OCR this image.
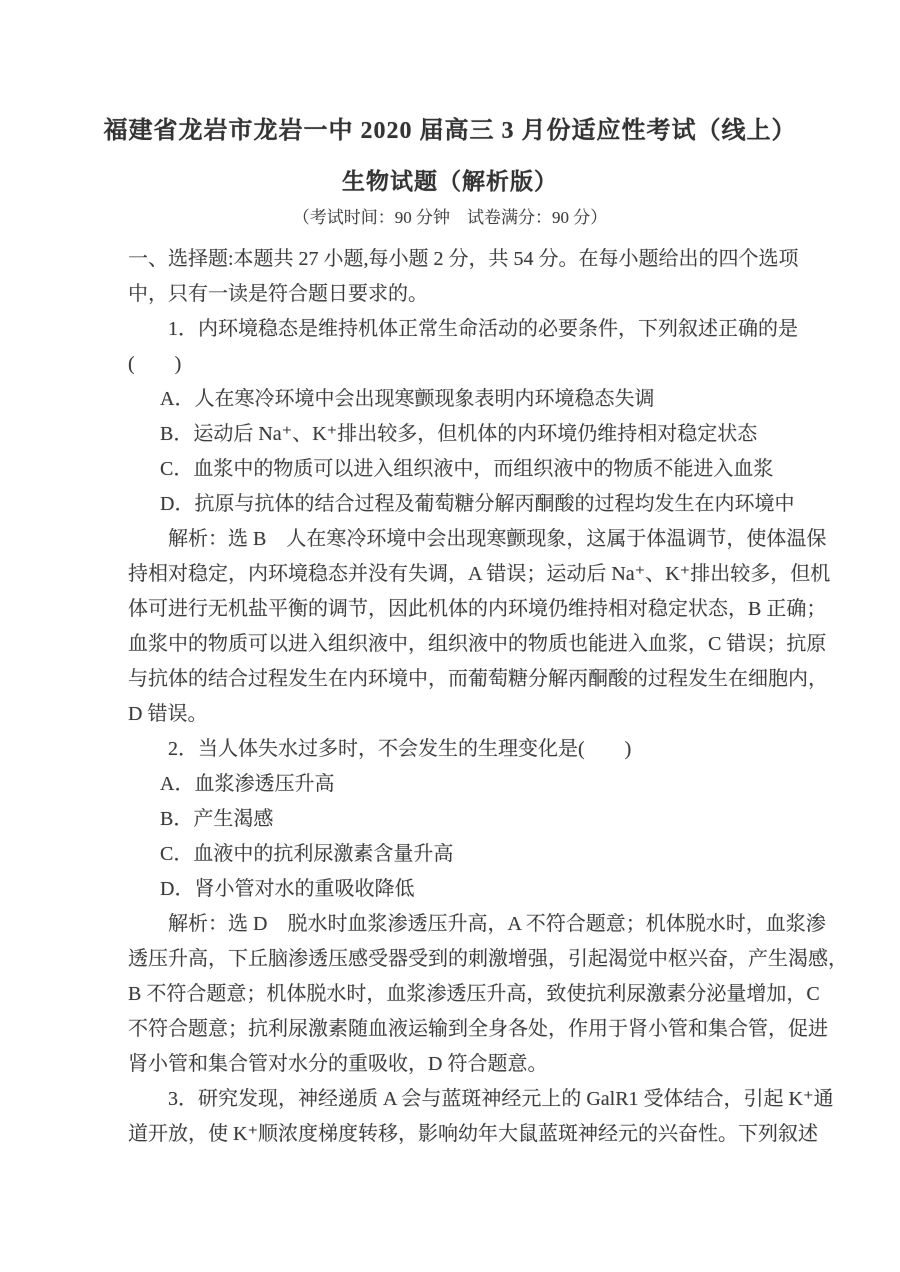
福建省龙岩市龙岩一中 2020 届高三 3 月份适应性考试（线上）
生物试题（解析版）
（考试时间：90 分钟　试卷满分：90 分）
一、选择题:本题共 27 小题,每小题 2 分，共 54 分。在每小题给出的四个选项
中，只有一读是符合题日要求的。
1．内环境稳态是维持机体正常生命活动的必要条件，下列叙述正确的是
(　　)
A．人在寒冷环境中会出现寒颤现象表明内环境稳态失调
B．运动后 Na⁺、K⁺排出较多，但机体的内环境仍维持相对稳定状态
C．血浆中的物质可以进入组织液中，而组织液中的物质不能进入血浆
D．抗原与抗体的结合过程及葡萄糖分解丙酮酸的过程均发生在内环境中
解析：选 B　人在寒冷环境中会出现寒颤现象，这属于体温调节，使体温保
持相对稳定，内环境稳态并没有失调，A 错误；运动后 Na⁺、K⁺排出较多，但机
体可进行无机盐平衡的调节，因此机体的内环境仍维持相对稳定状态，B 正确；
血浆中的物质可以进入组织液中，组织液中的物质也能进入血浆，C 错误；抗原
与抗体的结合过程发生在内环境中，而葡萄糖分解丙酮酸的过程发生在细胞内，
D 错误。
2．当人体失水过多时，不会发生的生理变化是(　　)
A．血浆渗透压升高
B．产生渴感
C．血液中的抗利尿激素含量升高
D．肾小管对水的重吸收降低
解析：选 D　脱水时血浆渗透压升高，A 不符合题意；机体脱水时，血浆渗
透压升高，下丘脑渗透压感受器受到的刺激增强，引起渴觉中枢兴奋，产生渴感，
B 不符合题意；机体脱水时，血浆渗透压升高，致使抗利尿激素分泌量增加，C
不符合题意；抗利尿激素随血液运输到全身各处，作用于肾小管和集合管，促进
肾小管和集合管对水分的重吸收，D 符合题意。
3．研究发现，神经递质 A 会与蓝斑神经元上的 GalR1 受体结合，引起 K⁺通
道开放，使 K⁺顺浓度梯度转移，影响幼年大鼠蓝斑神经元的兴奋性。下列叙述
